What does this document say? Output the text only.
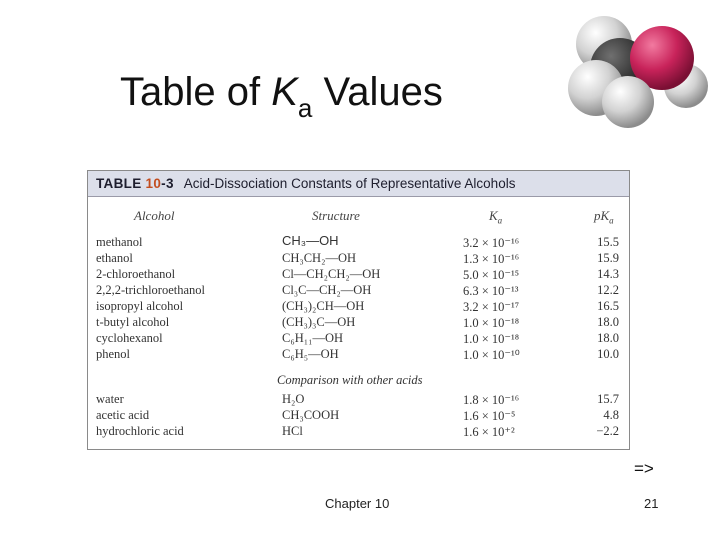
Table of $K_a$ Values
TABLE 10-3 Acid-Dissociation Constants of Representative Alcohols
Alcohol	Structure	$K_a$	$pK_a$
methanol	CH₃—OH	3.2 × 10⁻¹⁶	15.5
ethanol	CH₃CH₂—OH	1.3 × 10⁻¹⁶	15.9
2-chloroethanol	Cl—CH₂CH₂—OH	5.0 × 10⁻¹⁵	14.3
2,2,2-trichloroethanol	Cl₃C—CH₂—OH	6.3 × 10⁻¹³	12.2
isopropyl alcohol	(CH₃)₂CH—OH	3.2 × 10⁻¹⁷	16.5
t-butyl alcohol	(CH₃)₃C—OH	1.0 × 10⁻¹⁸	18.0
cyclohexanol	C₆H₁₁—OH	1.0 × 10⁻¹⁸	18.0
phenol	C₆H₅—OH	1.0 × 10⁻¹⁰	10.0
Comparison with other acids
water	H₂O	1.8 × 10⁻¹⁶	15.7
acetic acid	CH₃COOH	1.6 × 10⁻⁵	4.8
hydrochloric acid	HCl	1.6 × 10⁺²	−2.2
=>
Chapter 10	21
